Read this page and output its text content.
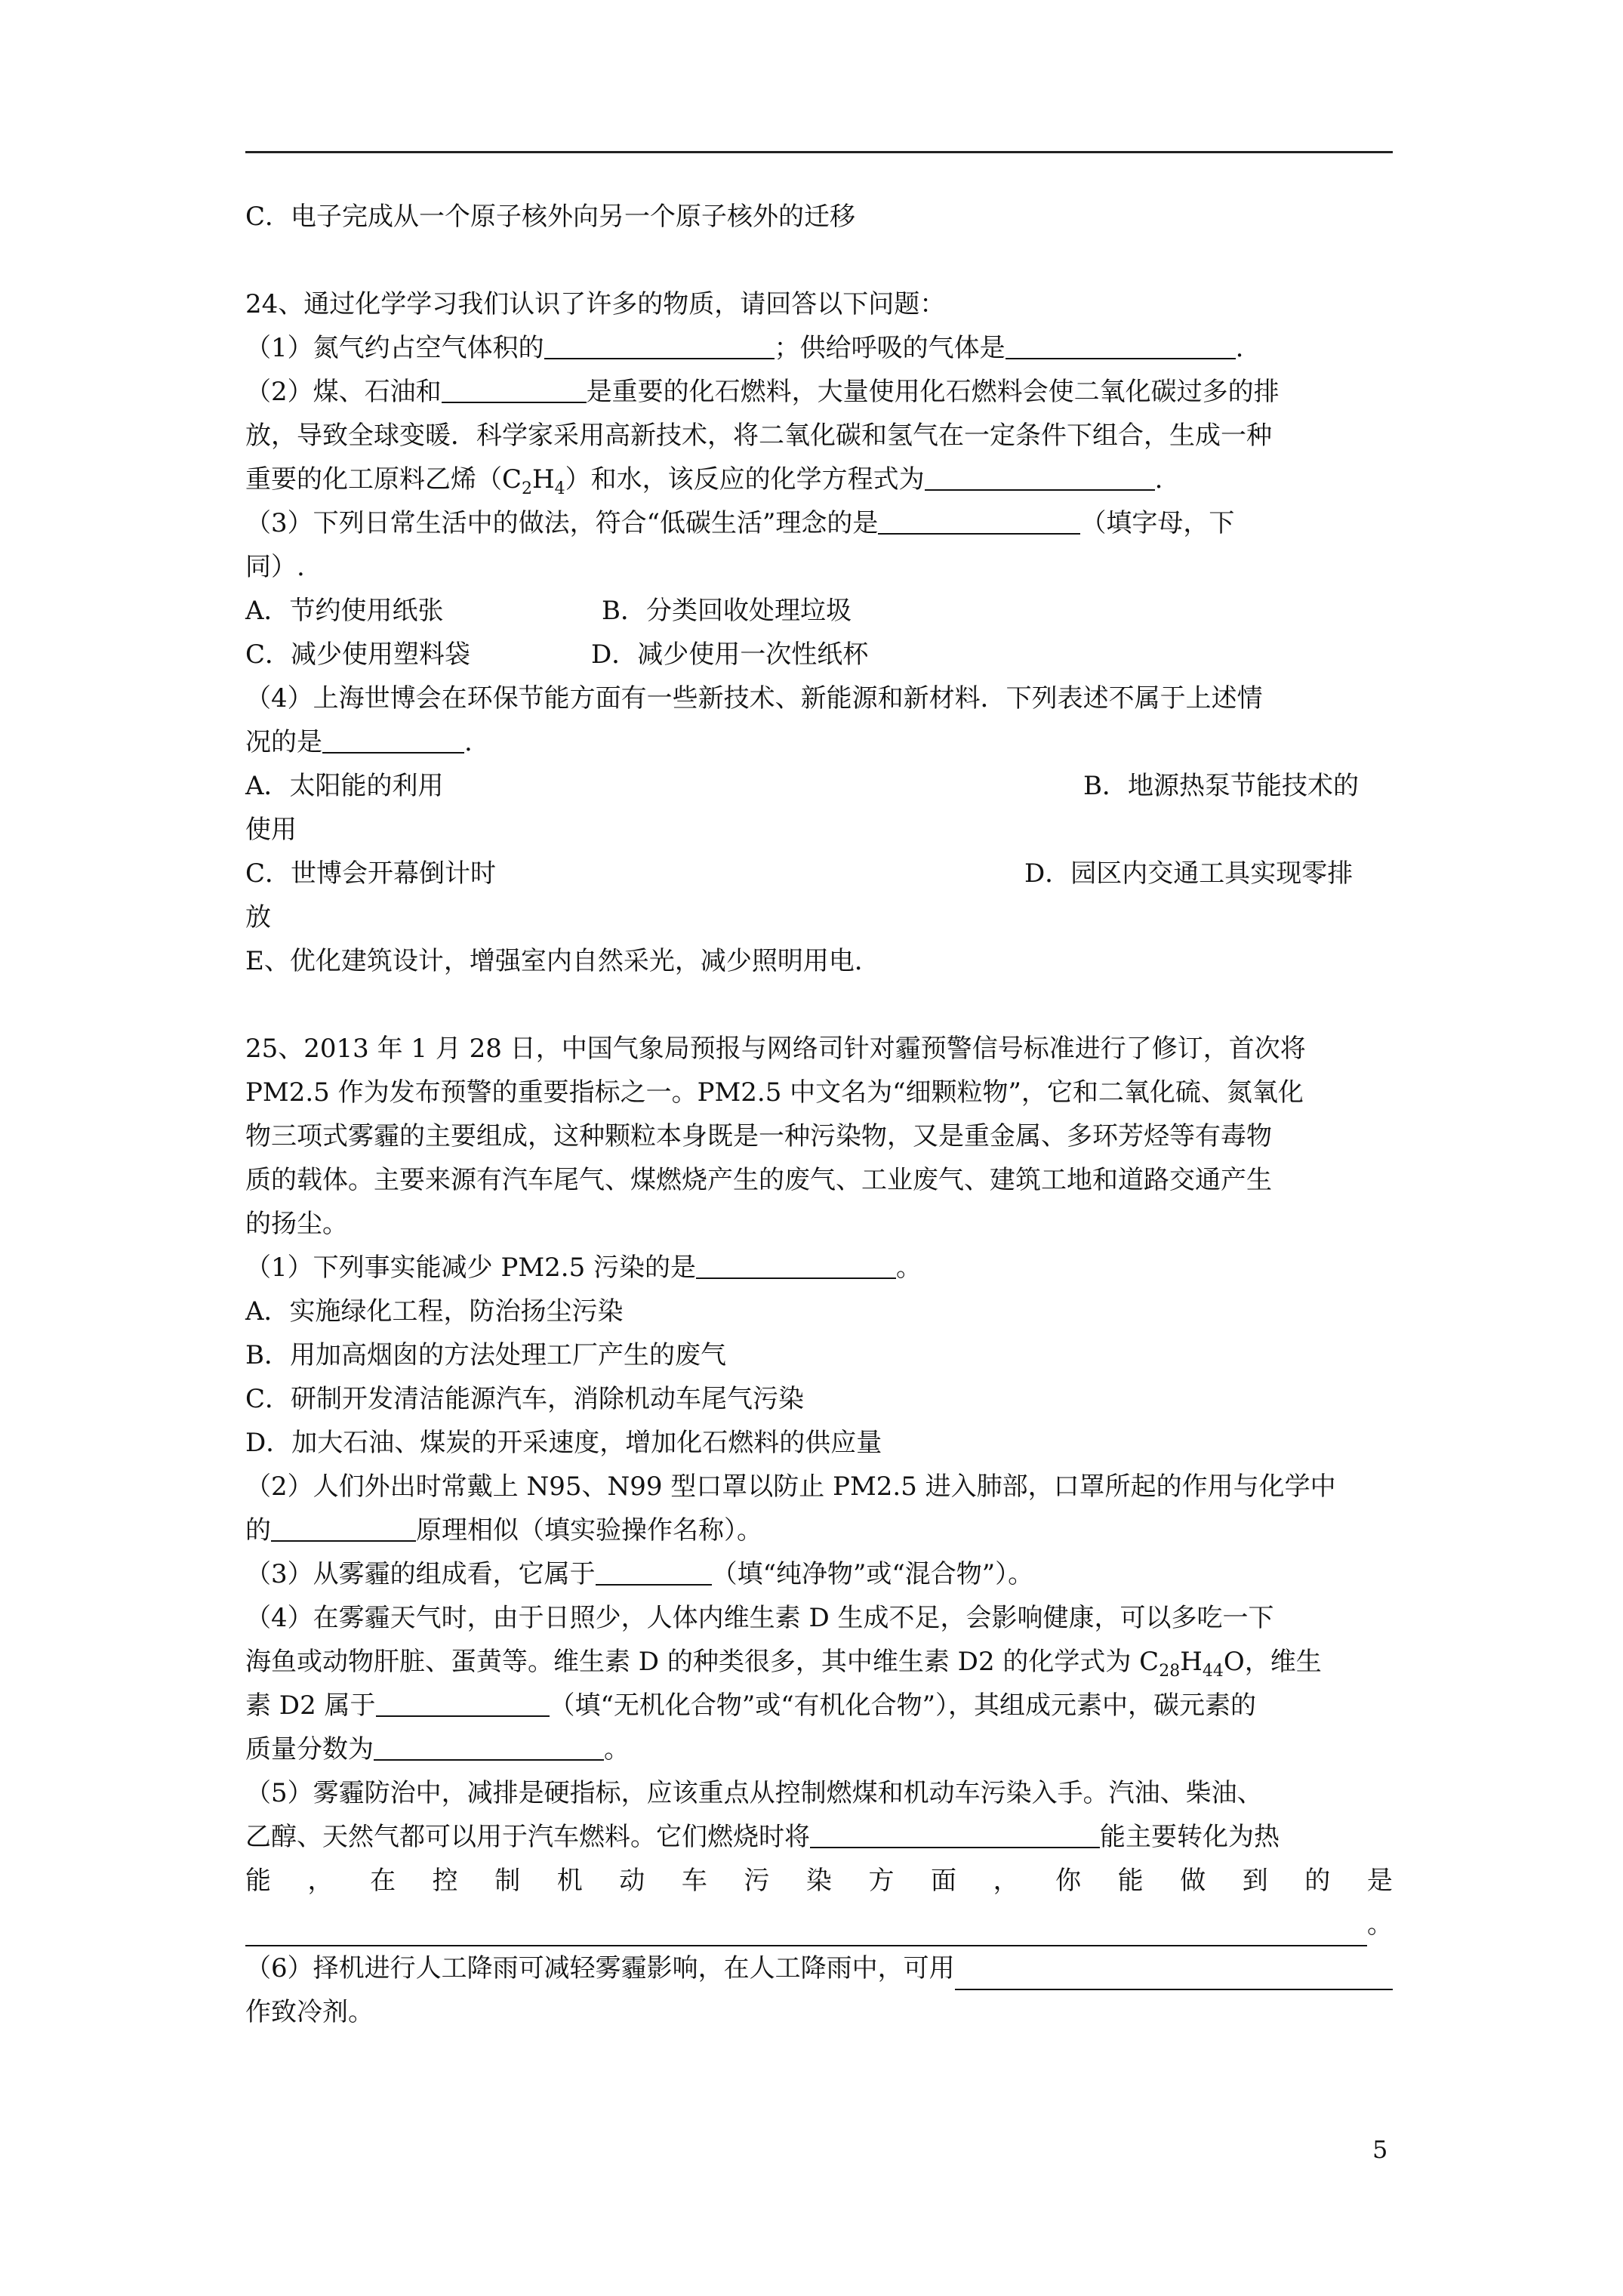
C．电子完成从一个原子核外向另一个原子核外的迁移
24、通过化学学习我们认识了许多的物质，请回答以下问题：
（1）氮气约占空气体积的	；供给呼吸的气体是	.
（2）煤、石油和	是重要的化石燃料，大量使用化石燃料会使二氧化碳过多的排
放，导致全球变暖．科学家采用高新技术，将二氧化碳和氢气在一定条件下组合，生成一种
重要的化工原料乙烯$(C_2H_4)$和水，该反应的化学方程式为	.
（3）下列日常生活中的做法，符合“低碳生活”理念的是	（填字母，下
同）.
A．节约使用纸张	B．分类回收处理垃圾
C．减少使用塑料袋	D．减少使用一次性纸杯
（4）上海世博会在环保节能方面有一些新技术、新能源和新材料．下列表述不属于上述情
况的是	.
A．太阳能的利用	B．地源热泵节能技术的
使用
C．世博会开幕倒计时	D．园区内交通工具实现零排
放
E、优化建筑设计，增强室内自然采光，减少照明用电．
25、2013 年 1 月 28 日，中国气象局预报与网络司针对霾预警信号标准进行了修订，首次将
PM2.5 作为发布预警的重要指标之一。PM2.5 中文名为“细颗粒物”，它和二氧化硫、氮氧化
物三项式雾霾的主要组成，这种颗粒本身既是一种污染物，又是重金属、多环芳烃等有毒物
质的载体。主要来源有汽车尾气、煤燃烧产生的废气、工业废气、建筑工地和道路交通产生
的扬尘。
（1）下列事实能减少 PM2.5 污染的是	。
A．实施绿化工程，防治扬尘污染
B．用加高烟囱的方法处理工厂产生的废气
C．研制开发清洁能源汽车，消除机动车尾气污染
D．加大石油、煤炭的开采速度，增加化石燃料的供应量
（2）人们外出时常戴上 N95、N99 型口罩以防止 PM2.5 进入肺部，口罩所起的作用与化学中
的	原理相似（填实验操作名称）。
（3）从雾霾的组成看，它属于	（填“纯净物”或“混合物”）。
（4）在雾霾天气时，由于日照少，人体内维生素 D 生成不足，会影响健康，可以多吃一下
海鱼或动物肝脏、蛋黄等。维生素 D 的种类很多，其中维生素 D2 的化学式为 $C_{28}H_{44}O$，维生
素 D2 属于	（填“无机化合物”或“有机化合物”），其组成元素中，碳元素的
质量分数为	。
（5）雾霾防治中，减排是硬指标，应该重点从控制燃煤和机动车污染入手。汽油、柴油、
乙醇、天然气都可以用于汽车燃料。它们燃烧时将	能主要转化为热
能 ， 在 控 制 机 动 车 污 染 方 面 ， 你 能 做 到 的 是
。
（6）择机进行人工降雨可减轻雾霾影响，在人工降雨中，可用
作致冷剂。
5
